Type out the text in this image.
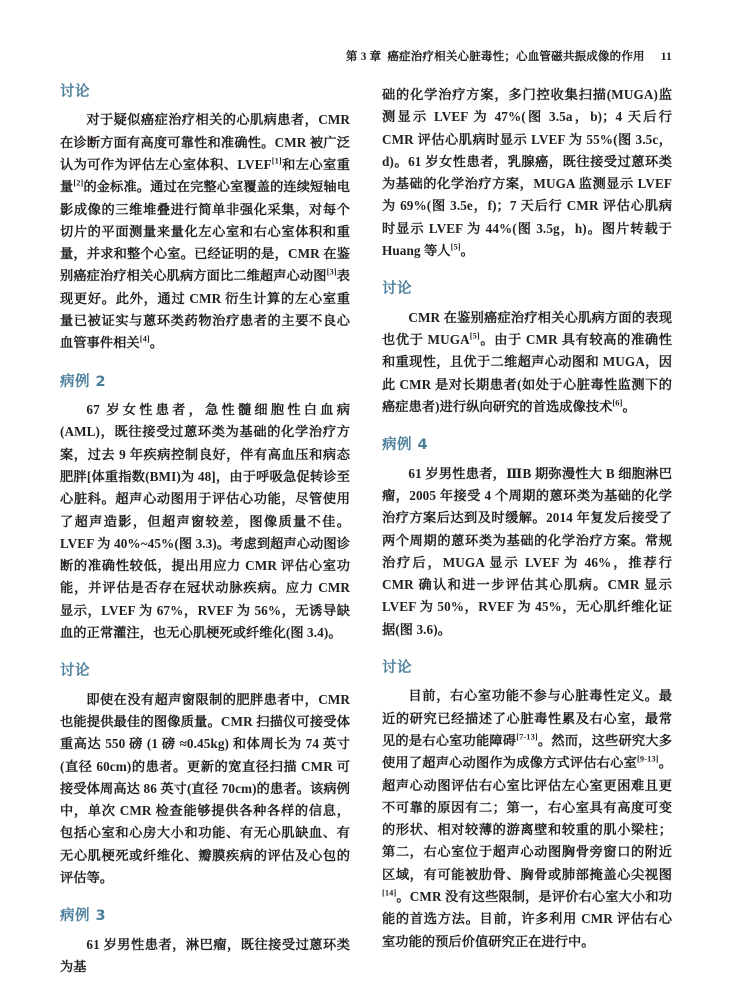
第 3 章 癌症治疗相关心脏毒性；心血管磁共振成像的作用 11
讨论

对于疑似癌症治疗相关的心肌病患者，CMR 在诊断方面有高度可靠性和准确性。CMR 被广泛认为可作为评估左心室体积、LVEF[1]和左心室重量[2]的金标准。通过在完整心室覆盖的连续短轴电影成像的三维堆叠进行简单非强化采集，对每个切片的平面测量来量化左心室和右心室体积和重量，并求和整个心室。已经证明的是，CMR 在鉴别癌症治疗相关心肌病方面比二维超声心动图[3]表现更好。此外，通过 CMR 衍生计算的左心室重量已被证实与蒽环类药物治疗患者的主要不良心血管事件相关[4]。

病例 2

67 岁女性患者，急性髓细胞性白血病(AML)，既往接受过蒽环类为基础的化学治疗方案，过去 9 年疾病控制良好，伴有高血压和病态肥胖[体重指数(BMI)为 48]，由于呼吸急促转诊至心脏科。超声心动图用于评估心功能，尽管使用了超声造影，但超声窗较差，图像质量不佳。LVEF 为 40%~45%(图 3.3)。考虑到超声心动图诊断的准确性较低，提出用应力 CMR 评估心室功能，并评估是否存在冠状动脉疾病。应力 CMR 显示，LVEF 为 67%，RVEF 为 56%，无诱导缺血的正常灌注，也无心肌梗死或纤维化(图 3.4)。

讨论

即使在没有超声窗限制的肥胖患者中，CMR 也能提供最佳的图像质量。CMR 扫描仪可接受体重高达 550 磅 (1 磅 ≈0.45kg) 和体周长为 74 英寸 (直径 60cm)的患者。更新的宽直径扫描 CMR 可接受体周高达 86 英寸(直径 70cm)的患者。该病例中，单次 CMR 检查能够提供各种各样的信息，包括心室和心房大小和功能、有无心肌缺血、有无心肌梗死或纤维化、瓣膜疾病的评估及心包的评估等。

病例 3

61 岁男性患者，淋巴瘤，既往接受过蒽环类为基

础的化学治疗方案，多门控收集扫描(MUGA)监测显示 LVEF 为 47%(图 3.5a，b)；4 天后行 CMR 评估心肌病时显示 LVEF 为 55%(图 3.5c，d)。61 岁女性患者，乳腺癌，既往接受过蒽环类为基础的化学治疗方案，MUGA 监测显示 LVEF 为 69%(图 3.5e，f)；7 天后行 CMR 评估心肌病时显示 LVEF 为 44%(图 3.5g，h)。图片转载于 Huang 等人[5]。

讨论

CMR 在鉴别癌症治疗相关心肌病方面的表现也优于 MUGA[5]。由于 CMR 具有较高的准确性和重现性，且优于二维超声心动图和 MUGA，因此 CMR 是对长期患者(如处于心脏毒性监测下的癌症患者)进行纵向研究的首选成像技术[6]。

病例 4

61 岁男性患者，ⅢB 期弥漫性大 B 细胞淋巴瘤，2005 年接受 4 个周期的蒽环类为基础的化学治疗方案后达到及时缓解。2014 年复发后接受了两个周期的蒽环类为基础的化学治疗方案。常规治疗后，MUGA 显示 LVEF 为 46%，推荐行 CMR 确认和进一步评估其心肌病。CMR 显示 LVEF 为 50%，RVEF 为 45%，无心肌纤维化证据(图 3.6)。

讨论

目前，右心室功能不参与心脏毒性定义。最近的研究已经描述了心脏毒性累及右心室，最常见的是右心室功能障碍[7-13]。然而，这些研究大多使用了超声心动图作为成像方式评估右心室[9-13]。超声心动图评估右心室比评估左心室更困难且更不可靠的原因有二；第一，右心室具有高度可变的形状、相对较薄的游离壁和较重的肌小梁柱；第二，右心室位于超声心动图胸骨旁窗口的附近区域，有可能被肋骨、胸骨或肺部掩盖心尖视图[14]。CMR 没有这些限制，是评价右心室大小和功能的首选方法。目前，许多利用 CMR 评估右心室功能的预后价值研究正在进行中。
